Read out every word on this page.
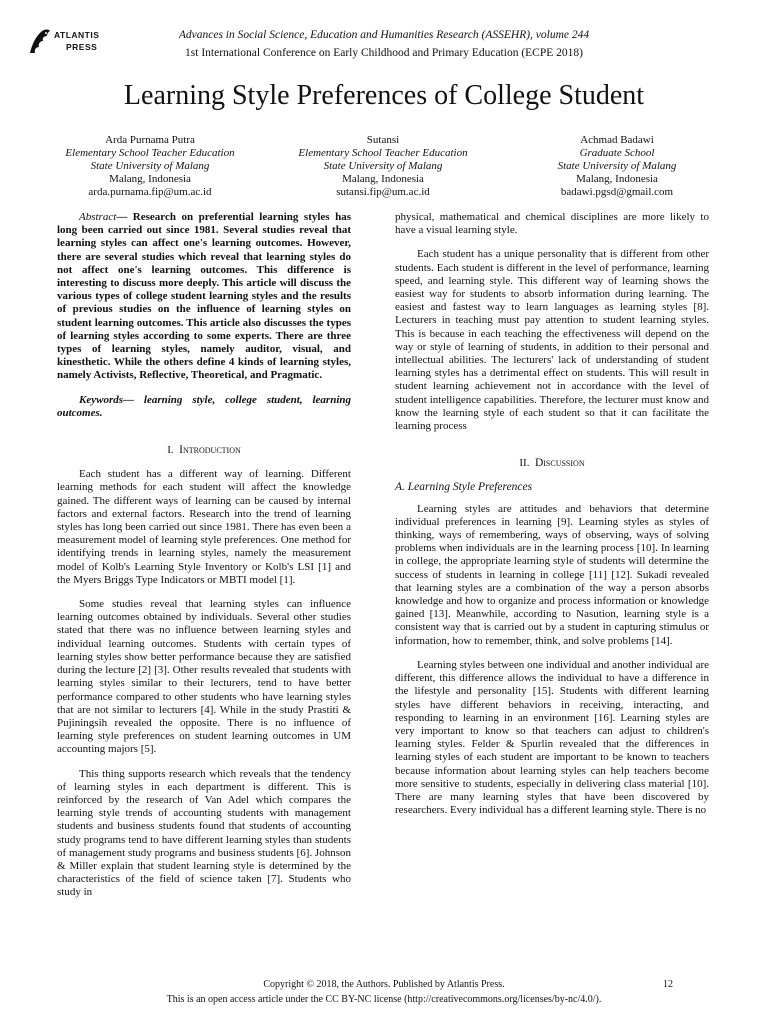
ATLANTIS
PRESS
Advances in Social Science, Education and Humanities Research (ASSEHR), volume 244
1st International Conference on Early Childhood and Primary Education (ECPE 2018)
Learning Style Preferences of College Student
Arda Purnama Putra
Elementary School Teacher Education
State University of Malang
Malang, Indonesia
arda.purnama.fip@um.ac.id
Sutansi
Elementary School Teacher Education
State University of Malang
Malang, Indonesia
sutansi.fip@um.ac.id
Achmad Badawi
Graduate School
State University of Malang
Malang, Indonesia
badawi.pgsd@gmail.com

Abstract— Research on preferential learning styles has long been carried out since 1981. Several studies reveal that learning styles can affect one's learning outcomes. However, there are several studies which reveal that learning styles do not affect one's learning outcomes. This difference is interesting to discuss more deeply. This article will discuss the various types of college student learning styles and the results of previous studies on the influence of learning styles on student learning outcomes. This article also discusses the types of learning styles according to some experts. There are three types of learning styles, namely auditor, visual, and kinesthetic. While the others define 4 kinds of learning styles, namely Activists, Reflective, Theoretical, and Pragmatic.

Keywords— learning style, college student, learning outcomes.

I. Introduction

Each student has a different way of learning. Different learning methods for each student will affect the knowledge gained. The different ways of learning can be caused by internal factors and external factors. Research into the trend of learning styles has long been carried out since 1981. There has even been a measurement model of learning style preferences. One method for identifying trends in learning styles, namely the measurement model of Kolb's Learning Style Inventory or Kolb's LSI [1] and the Myers Briggs Type Indicators or MBTI model [1].

Some studies reveal that learning styles can influence learning outcomes obtained by individuals. Several other studies stated that there was no influence between learning styles and individual learning outcomes. Students with certain types of learning styles show better performance because they are satisfied during the lecture [2] [3]. Other results revealed that students with learning styles similar to their lecturers, tend to have better performance compared to other students who have learning styles that are not similar to lecturers [4]. While in the study Prastiti & Pujiningsih revealed the opposite. There is no influence of learning style preferences on student learning outcomes in UM accounting majors [5].

This thing supports research which reveals that the tendency of learning styles in each department is different. This is reinforced by the research of Van Adel which compares the learning style trends of accounting students with management students and business students found that students of accounting study programs tend to have different learning styles than students of management study programs and business students [6]. Johnson & Miller explain that student learning style is determined by the characteristics of the field of science taken [7]. Students who study in

physical, mathematical and chemical disciplines are more likely to have a visual learning style.

Each student has a unique personality that is different from other students. Each student is different in the level of performance, learning speed, and learning style. This different way of learning shows the easiest way for students to absorb information during learning. The easiest and fastest way to learn languages as learning styles [8]. Lecturers in teaching must pay attention to student learning styles. This is because in each teaching the effectiveness will depend on the way or style of learning of students, in addition to their personal and intellectual abilities. The lecturers' lack of understanding of student learning styles has a detrimental effect on students. This will result in student learning achievement not in accordance with the level of student intelligence capabilities. Therefore, the lecturer must know and know the learning style of each student so that it can facilitate the learning process

II. Discussion

A. Learning Style Preferences

Learning styles are attitudes and behaviors that determine individual preferences in learning [9]. Learning styles as styles of thinking, ways of remembering, ways of observing, ways of solving problems when individuals are in the learning process [10]. In learning in college, the appropriate learning style of students will determine the success of students in learning in college [11] [12]. Sukadi revealed that learning styles are a combination of the way a person absorbs knowledge and how to organize and process information or knowledge gained [13]. Meanwhile, according to Nasution, learning style is a consistent way that is carried out by a student in capturing stimulus or information, how to remember, think, and solve problems [14].

Learning styles between one individual and another individual are different, this difference allows the individual to have a difference in the lifestyle and personality [15]. Students with different learning styles have different behaviors in receiving, interacting, and responding to learning in an environment [16]. Learning styles are very important to know so that teachers can adjust to children's learning styles. Felder & Spurlin revealed that the differences in learning styles of each student are important to be known to teachers because information about learning styles can help teachers become more sensitive to students, especially in delivering class material [10]. There are many learning styles that have been discovered by researchers. Every individual has a different learning style. There is no

Copyright © 2018, the Authors. Published by Atlantis Press.	12
This is an open access article under the CC BY-NC license (http://creativecommons.org/licenses/by-nc/4.0/).
